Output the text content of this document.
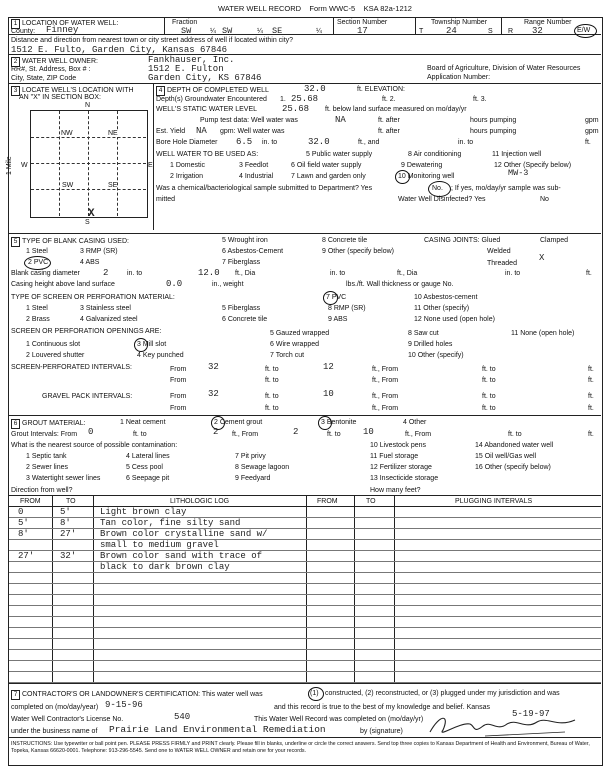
WATER WELL RECORD Form WWC-5 KSA 82a-1212
1 LOCATION OF WATER WELL:
County: Finney
Fraction
SW	¼ SW	¼ SE	¼
Section Number
17
Township Number
T	24	S
Range Number
R 32	E/W
Distance and direction from nearest town or city street address of well if located within city?
1512 E. Fulto, Garden City, Kansas 67846
2 WATER WELL OWNER:	Fankhauser, Inc.
RR#, St. Address, Box # :	1512 E. Fulton
City, State, ZIP Code	Garden City, KS 67846
Board of Agriculture, Division of Water Resources
Application Number:
3 LOCATE WELL'S LOCATION WITH
AN "X" IN SECTION BOX:
N
S
W	E
1 Mile
NW	NE
SW	SE
X
4 DEPTH OF COMPLETED WELL	32.0	ft. ELEVATION:
Depth(s) Groundwater Encountered 1. 25.68	ft. 2.	ft. 3.
WELL'S STATIC WATER LEVEL	25.68 ft. below land surface measured on mo/day/yr
Pump test data: Well water was	NA	ft. after	hours pumping	gpm
Est. Yield NA gpm: Well water was	ft. after	hours pumping	gpm
Bore Hole Diameter 6.5 in. to	32.0	ft., and	in. to	ft.
WELL WATER TO BE USED AS:	5 Public water supply	8 Air conditioning	11 Injection well
1 Domestic	3 Feedlot	6 Oil field water supply	9 Dewatering	12 Other (Specify below)
2 Irrigation	4 Industrial	7 Lawn and garden only	10 Monitoring well	MW-3
Was a chemical/bacteriological sample submitted to Department? Yes	No. ; If yes, mo/day/yr sample was sub-
mitted	Water Well Disinfected? Yes	No
5 TYPE OF BLANK CASING USED:	5 Wrought iron	8 Concrete tile	CASING JOINTS: Glued	Clamped
1 Steel	3 RMP (SR)	6 Asbestos-Cement	9 Other (specify below)	Welded
2 PVC	4 ABS	7 Fiberglass	X
Threaded
Blank casing diameter	2	in. to	12.0 ft., Dia	in. to	ft., Dia	in. to	ft.
Casing height above land surface	0.0	in., weight	lbs./ft. Wall thickness or gauge No.
TYPE OF SCREEN OR PERFORATION MATERIAL:	7 PVC	10 Asbestos-cement
1 Steel	3 Stainless steel	5 Fiberglass	8 RMP (SR)	11 Other (specify)
2 Brass	4 Galvanized steel	6 Concrete tile	9 ABS	12 None used (open hole)
SCREEN OR PERFORATION OPENINGS ARE:	5 Gauzed wrapped	8 Saw cut	11 None (open hole)
1 Continuous slot	3 Mill slot	6 Wire wrapped	9 Drilled holes
2 Louvered shutter	4 Key punched	7 Torch cut	10 Other (specify)
SCREEN-PERFORATED INTERVALS:	From 32	ft. to	12	ft., From	ft. to	ft.
From	ft. to	ft., From	ft. to	ft.
GRAVEL PACK INTERVALS:	From 32	ft. to	10	ft., From	ft. to	ft.
From	ft. to	ft., From	ft. to	ft.
6 GROUT MATERIAL:	1 Neat cement	2 Cement grout	3 Bentonite	4 Other
Grout Intervals: From 0	ft. to	2 ft., From	2	ft. to 10	ft., From	ft. to	ft.
What is the nearest source of possible contamination:	10 Livestock pens	14 Abandoned water well
1 Septic tank	4 Lateral lines	7 Pit privy	11 Fuel storage	15 Oil well/Gas well
2 Sewer lines	5 Cess pool	8 Sewage lagoon	12 Fertilizer storage	16 Other (specify below)
3 Watertight sewer lines	6 Seepage pit	9 Feedyard	13 Insecticide storage
Direction from well?	How many feet?
FROM	TO	LITHOLOGIC LOG	FROM	TO	PLUGGING INTERVALS
0	5'	Light brown clay
5'	8'	Tan color, fine silty sand
8'	27'	Brown color crystalline sand w/
small to medium gravel
27'	32'	Brown color sand with trace of
black to dark brown clay
7 CONTRACTOR'S OR LANDOWNER'S CERTIFICATION: This water well was	(1) constructed, (2) reconstructed, or (3) plugged under my jurisdiction and was
completed on (mo/day/year) 9-15-96	and this record is true to the best of my knowledge and belief. Kansas
Water Well Contractor's License No.	540	This Water Well Record was completed on (mo/day/yr)
5-19-97
under the business name of Prairie Land Environmental Remediation	by (signature)
INSTRUCTIONS: Use typewriter or ball point pen. PLEASE PRESS FIRMLY and PRINT clearly. Please fill in blanks, underline or circle the correct answers. Send top three copies to Kansas Department of Health and Environment, Bureau of Water, Topeka, Kansas 66620-0001. Telephone: 913-296-5545. Send one to WATER WELL OWNER and retain one for your records.
